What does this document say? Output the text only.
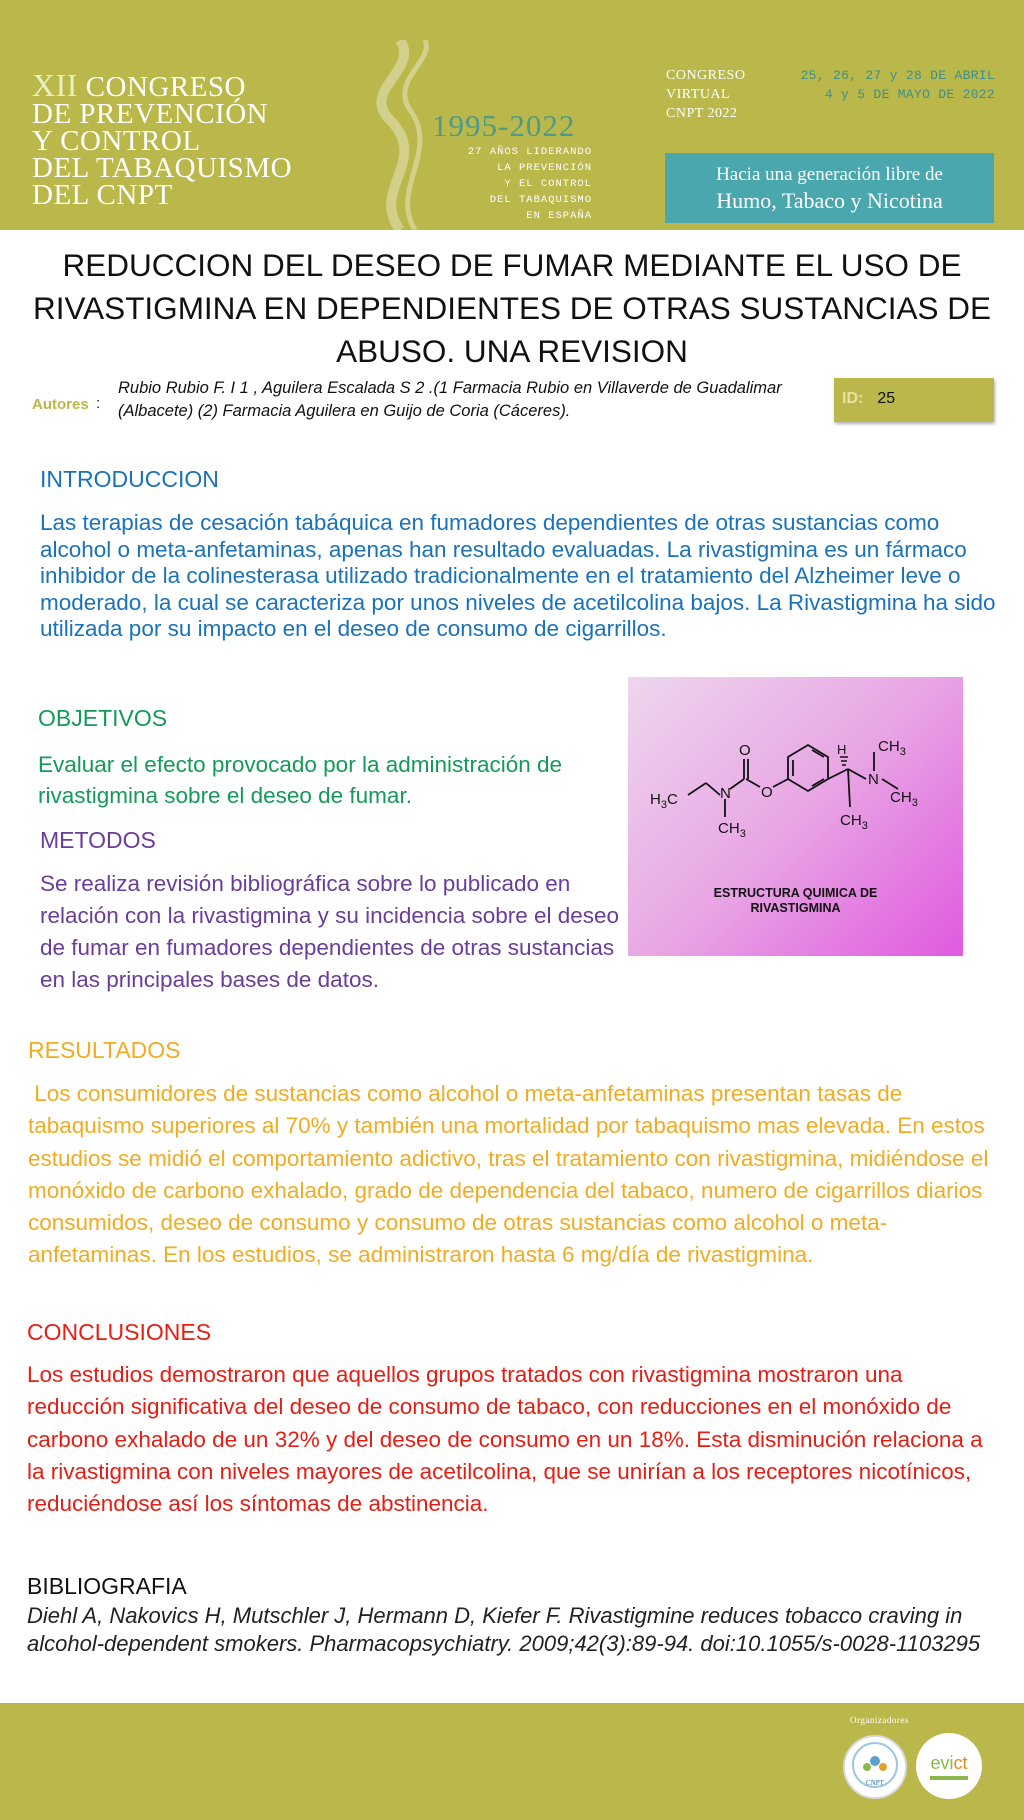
XII CONGRESO
DE PREVENCIÓN
Y CONTROL
DEL TABAQUISMO
DEL CNPT
1995-2022
27 AÑOS LIDERANDO
LA PREVENCIÓN
Y EL CONTROL
DEL TABAQUISMO
EN ESPAÑA
CONGRESO
VIRTUAL
CNPT 2022
25, 26, 27 y 28 DE ABRIL
4 y 5 DE MAYO DE 2022
Hacia una generación libre de
Humo, Tabaco y Nicotina
REDUCCION DEL DESEO DE FUMAR MEDIANTE EL USO DE RIVASTIGMINA EN DEPENDIENTES DE OTRAS SUSTANCIAS DE ABUSO. UNA REVISION
Autores :
Rubio Rubio F. I 1 , Aguilera Escalada S 2 .(1 Farmacia Rubio en Villaverde de Guadalimar (Albacete) (2) Farmacia Aguilera en Guijo de Coria (Cáceres).
ID: 25
INTRODUCCION
Las terapias de cesación tabáquica en fumadores dependientes de otras sustancias como alcohol o meta-anfetaminas, apenas han resultado evaluadas. La rivastigmina es un fármaco inhibidor de la colinesterasa utilizado tradicionalmente en el tratamiento del Alzheimer leve o moderado, la cual se caracteriza por unos niveles de acetilcolina bajos. La Rivastigmina ha sido utilizada por su impacto en el deseo de consumo de cigarrillos.
OBJETIVOS
Evaluar el efecto provocado por la administración de rivastigmina sobre el deseo de fumar.
METODOS
Se realiza revisión bibliográfica sobre lo publicado en relación con la rivastigmina y su incidencia sobre el deseo de fumar en fumadores dependientes de otras sustancias en las principales bases de datos.
O
O
N
N
H
$H_3C$
$CH_3$
$CH_3$
$CH_3$
$CH_3$
ESTRUCTURA QUIMICA DE
RIVASTIGMINA
RESULTADOS
Los consumidores de sustancias como alcohol o meta-anfetaminas presentan tasas de tabaquismo superiores al 70% y también una mortalidad por tabaquismo mas elevada. En estos estudios se midió el comportamiento adictivo, tras el tratamiento con rivastigmina, midiéndose el monóxido de carbono exhalado, grado de dependencia del tabaco, numero de cigarrillos diarios consumidos, deseo de consumo y consumo de otras sustancias como alcohol o meta-anfetaminas. En los estudios, se administraron hasta 6 mg/día de rivastigmina.
CONCLUSIONES
Los estudios demostraron que aquellos grupos tratados con rivastigmina mostraron una reducción significativa del deseo de consumo de tabaco, con reducciones en el monóxido de carbono exhalado de un 32% y del deseo de consumo en un 18%. Esta disminución relaciona a la rivastigmina con niveles mayores de acetilcolina, que se unirían a los receptores nicotínicos, reduciéndose así los síntomas de abstinencia.
BIBLIOGRAFIA
Diehl A, Nakovics H, Mutschler J, Hermann D, Kiefer F. Rivastigmine reduces tobacco craving in alcohol-dependent smokers. Pharmacopsychiatry. 2009;42(3):89-94. doi:10.1055/s-0028-1103295
Organizadores
CNPT
evict
